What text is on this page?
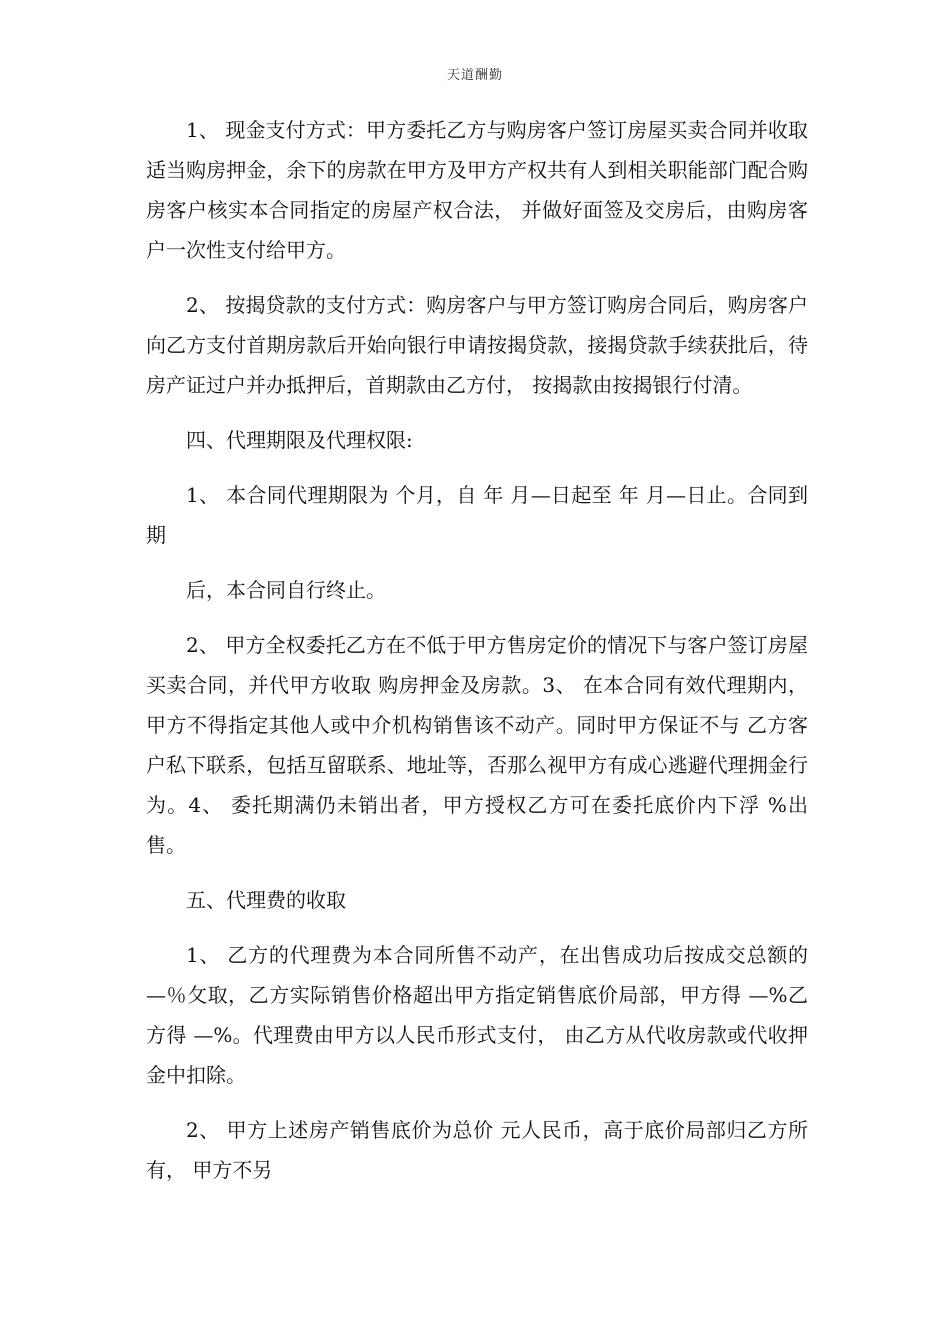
天道酬勤

1、 现金支付方式：甲方委托乙方与购房客户签订房屋买卖合同并收取适当购房押金，余下的房款在甲方及甲方产权共有人到相关职能部门配合购房客户核实本合同指定的房屋产权合法， 并做好面签及交房后，由购房客户一次性支付给甲方。

2、 按揭贷款的支付方式：购房客户与甲方签订购房合同后，购房客户向乙方支付首期房款后开始向银行申请按揭贷款，接揭贷款手续获批后，待房产证过户并办抵押后，首期款由乙方付， 按揭款由按揭银行付清。

四、代理期限及代理权限:

1、 本合同代理期限为 个月，自 年 月—日起至 年 月—日止。合同到期

后，本合同自行终止。

2、 甲方全权委托乙方在不低于甲方售房定价的情况下与客户签订房屋买卖合同，并代甲方收取 购房押金及房款。3、 在本合同有效代理期内，甲方不得指定其他人或中介机构销售该不动产。同时甲方保证不与 乙方客户私下联系，包括互留联系、地址等，否那么视甲方有成心逃避代理拥金行为。4、 委托期满仍未销出者，甲方授权乙方可在委托底价内下浮 %出售。

五、代理费的收取

1、 乙方的代理费为本合同所售不动产，在出售成功后按成交总额的 —％攵取，乙方实际销售价格超出甲方指定销售底价局部，甲方得 —%乙方得 —%。代理费由甲方以人民币形式支付， 由乙方从代收房款或代收押金中扣除。

2、 甲方上述房产销售底价为总价 元人民币，高于底价局部归乙方所有， 甲方不另
